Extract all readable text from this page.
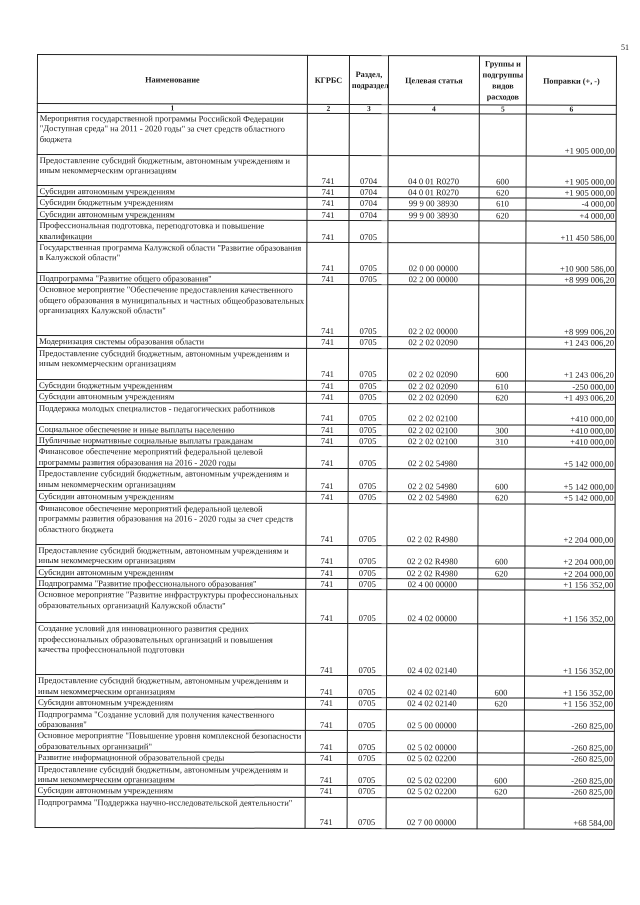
51
Наименование	КГРБС	Раздел, подраздел	Целевая статья	Группы и подгруппы видов расходов	Поправки (+, -)
1	2	3	4	5	6
Мероприятия государственной программы Российской Федерации "Доступная среда" на 2011 - 2020 годы" за счет средств областного бюджета					+1 905 000,00
Предоставление субсидий бюджетным, автономным учреждениям и иным некоммерческим организациям	741	0704	04 0 01 R0270	600	+1 905 000,00
Субсидии автономным учреждениям	741	0704	04 0 01 R0270	620	+1 905 000,00
Субсидии бюджетным учреждениям	741	0704	99 9 00 38930	610	-4 000,00
Субсидии автономным учреждениям	741	0704	99 9 00 38930	620	+4 000,00
Профессиональная подготовка, переподготовка и повышение квалификации	741	0705			+11 450 586,00
Государственная программа Калужской области "Развитие образования в Калужской области"	741	0705	02 0 00 00000		+10 900 586,00
Подпрограмма "Развитие общего образования"	741	0705	02 2 00 00000		+8 999 006,20
Основное мероприятие "Обеспечение предоставления качественного общего образования в муниципальных и частных общеобразовательных организациях Калужской области"	741	0705	02 2 02 00000		+8 999 006,20
Модернизация системы образования области	741	0705	02 2 02 02090		+1 243 006,20
Предоставление субсидий бюджетным, автономным учреждениям и иным некоммерческим организациям	741	0705	02 2 02 02090	600	+1 243 006,20
Субсидии бюджетным учреждениям	741	0705	02 2 02 02090	610	-250 000,00
Субсидии автономным учреждениям	741	0705	02 2 02 02090	620	+1 493 006,20
Поддержка молодых специалистов - педагогических работников	741	0705	02 2 02 02100		+410 000,00
Социальное обеспечение и иные выплаты населению	741	0705	02 2 02 02100	300	+410 000,00
Публичные нормативные социальные выплаты гражданам	741	0705	02 2 02 02100	310	+410 000,00
Финансовое обеспечение мероприятий федеральной целевой программы развития образования на 2016 - 2020 годы	741	0705	02 2 02 54980		+5 142 000,00
Предоставление субсидий бюджетным, автономным учреждениям и иным некоммерческим организациям	741	0705	02 2 02 54980	600	+5 142 000,00
Субсидии автономным учреждениям	741	0705	02 2 02 54980	620	+5 142 000,00
Финансовое обеспечение мероприятий федеральной целевой программы развития образования на 2016 - 2020 годы за счет средств областного бюджета	741	0705	02 2 02 R4980		+2 204 000,00
Предоставление субсидий бюджетным, автономным учреждениям и иным некоммерческим организациям	741	0705	02 2 02 R4980	600	+2 204 000,00
Субсидии автономным учреждениям	741	0705	02 2 02 R4980	620	+2 204 000,00
Подпрограмма "Развитие профессионального образования"	741	0705	02 4 00 00000		+1 156 352,00
Основное мероприятие "Развитие инфраструктуры профессиональных образовательных организаций Калужской области"	741	0705	02 4 02 00000		+1 156 352,00
Создание условий для инновационного развития средних профессиональных образовательных организаций и повышения качества профессиональной подготовки	741	0705	02 4 02 02140		+1 156 352,00
Предоставление субсидий бюджетным, автономным учреждениям и иным некоммерческим организациям	741	0705	02 4 02 02140	600	+1 156 352,00
Субсидии автономным учреждениям	741	0705	02 4 02 02140	620	+1 156 352,00
Подпрограмма "Создание условий для получения качественного образования"	741	0705	02 5 00 00000		-260 825,00
Основное мероприятие "Повышение уровня комплексной безопасности образовательных организаций"	741	0705	02 5 02 00000		-260 825,00
Развитие информационной образовательной среды	741	0705	02 5 02 02200		-260 825,00
Предоставление субсидий бюджетным, автономным учреждениям и иным некоммерческим организациям	741	0705	02 5 02 02200	600	-260 825,00
Субсидии автономным учреждениям	741	0705	02 5 02 02200	620	-260 825,00
Подпрограмма "Поддержка научно-исследовательской деятельности"	741	0705	02 7 00 00000		+68 584,00
